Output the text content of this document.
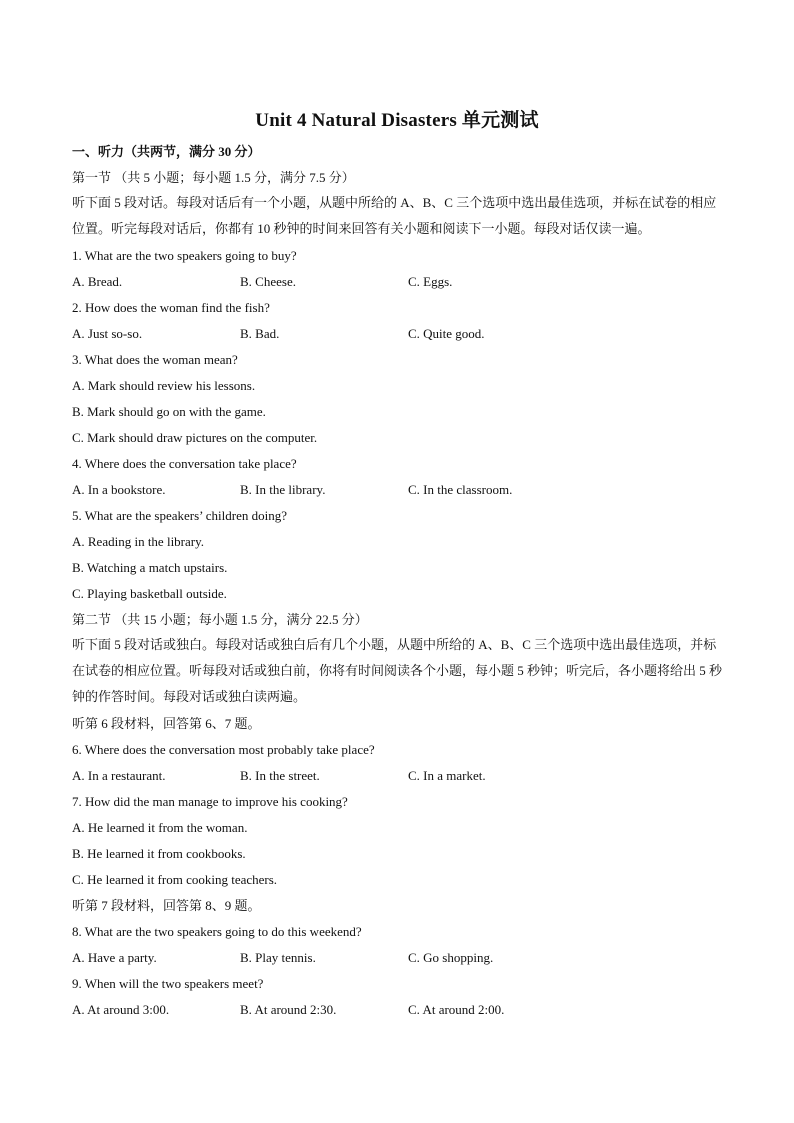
Unit 4 Natural Disasters 单元测试
一、听力（共两节，满分 30 分）
第一节 （共 5 小题；每小题 1.5 分，满分 7.5 分）
听下面 5 段对话。每段对话后有一个小题，从题中所给的 A、B、C 三个选项中选出最佳选项，并标在试卷的相应位置。听完每段对话后，你都有 10 秒钟的时间来回答有关小题和阅读下一小题。每段对话仅读一遍。
1. What are the two speakers going to buy?
A. Bread.	B. Cheese.	C. Eggs.
2. How does the woman find the fish?
A. Just so-so.	B. Bad.	C. Quite good.
3. What does the woman mean?
A. Mark should review his lessons.
B. Mark should go on with the game.
C. Mark should draw pictures on the computer.
4. Where does the conversation take place?
A. In a bookstore.	B. In the library.	C. In the classroom.
5. What are the speakers’ children doing?
A. Reading in the library.
B. Watching a match upstairs.
C. Playing basketball outside.
第二节 （共 15 小题；每小题 1.5 分，满分 22.5 分）
听下面 5 段对话或独白。每段对话或独白后有几个小题，从题中所给的 A、B、C 三个选项中选出最佳选项，并标在试卷的相应位置。听每段对话或独白前，你将有时间阅读各个小题，每小题 5 秒钟；听完后，各小题将给出 5 秒钟的作答时间。每段对话或独白读两遍。
听第 6 段材料，回答第 6、7 题。
6. Where does the conversation most probably take place?
A. In a restaurant.	B. In the street.	C. In a market.
7. How did the man manage to improve his cooking?
A. He learned it from the woman.
B. He learned it from cookbooks.
C. He learned it from cooking teachers.
听第 7 段材料，回答第 8、9 题。
8. What are the two speakers going to do this weekend?
A. Have a party.	B. Play tennis.	C. Go shopping.
9. When will the two speakers meet?
A. At around 3:00.	B. At around 2:30.	C. At around 2:00.
